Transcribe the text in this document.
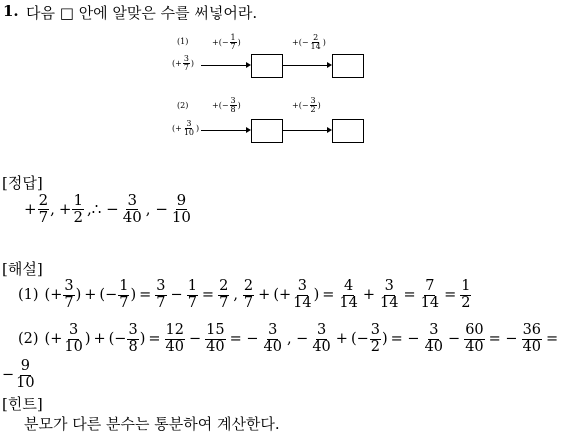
1. 다음 □ 안에 알맞은 수를 써넣어라.
(1)	+(− $\frac{1}{7}$ )	+(− $\frac{2}{14}$ )
(+ $\frac{3}{7}$ )
(2)	+(− $\frac{3}{8}$ )	+(− $\frac{3}{2}$ )
(+ $\frac{3}{10}$ )
[정답]
+ $\frac{2}{7}$ , + $\frac{1}{2}$ ,∴ − $\frac{3}{40}$ , − $\frac{9}{10}$
[해설]
(1) (+ $\frac{3}{7}$ ) + (− $\frac{1}{7}$ ) = $\frac{3}{7} - \frac{1}{7} = \frac{2}{7}$ , $\frac{2}{7}$ + (+ $\frac{3}{14}$ ) = $\frac{4}{14} + \frac{3}{14} = \frac{7}{14} = \frac{1}{2}$
(2) (+ $\frac{3}{10}$ ) + (− $\frac{3}{8}$ ) = $\frac{12}{40} - \frac{15}{40}$ = − $\frac{3}{40}$ , − $\frac{3}{40}$ + (− $\frac{3}{2}$ ) = − $\frac{3}{40} - \frac{60}{40}$ = − $\frac{36}{40}$ =
− $\frac{9}{10}$
[힌트]
분모가 다른 분수는 통분하여 계산한다.
